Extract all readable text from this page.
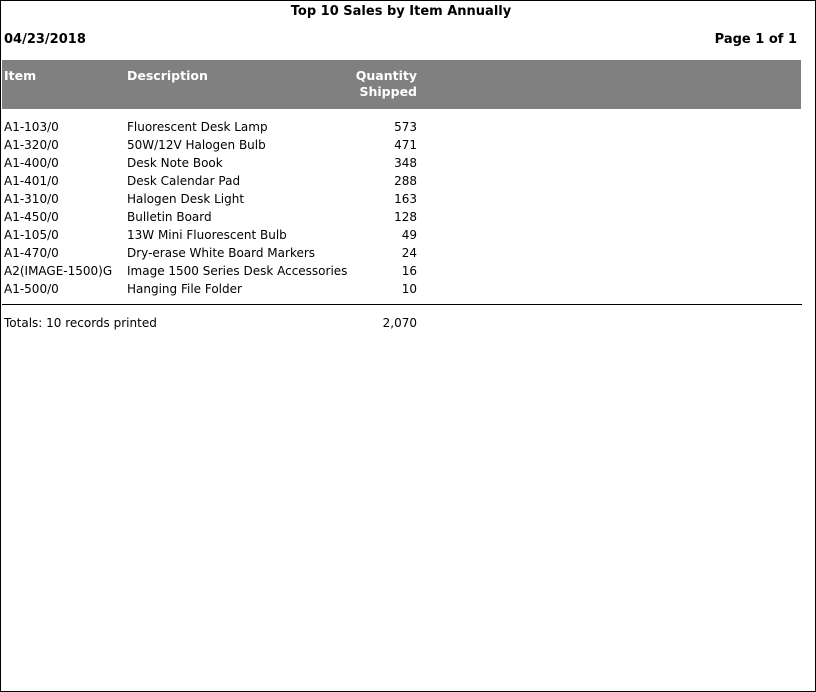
Top 10 Sales by Item Annually
04/23/2018	Page 1 of 1
Item	Description	Quantity
Shipped
A1-103/0	Fluorescent Desk Lamp	573
A1-320/0	50W/12V Halogen Bulb	471
A1-400/0	Desk Note Book	348
A1-401/0	Desk Calendar Pad	288
A1-310/0	Halogen Desk Light	163
A1-450/0	Bulletin Board	128
A1-105/0	13W Mini Fluorescent Bulb	49
A1-470/0	Dry-erase White Board Markers	24
A2(IMAGE-1500)G Image 1500 Series Desk Accessories	16
A1-500/0	Hanging File Folder	10
Totals: 10 records printed	2,070
